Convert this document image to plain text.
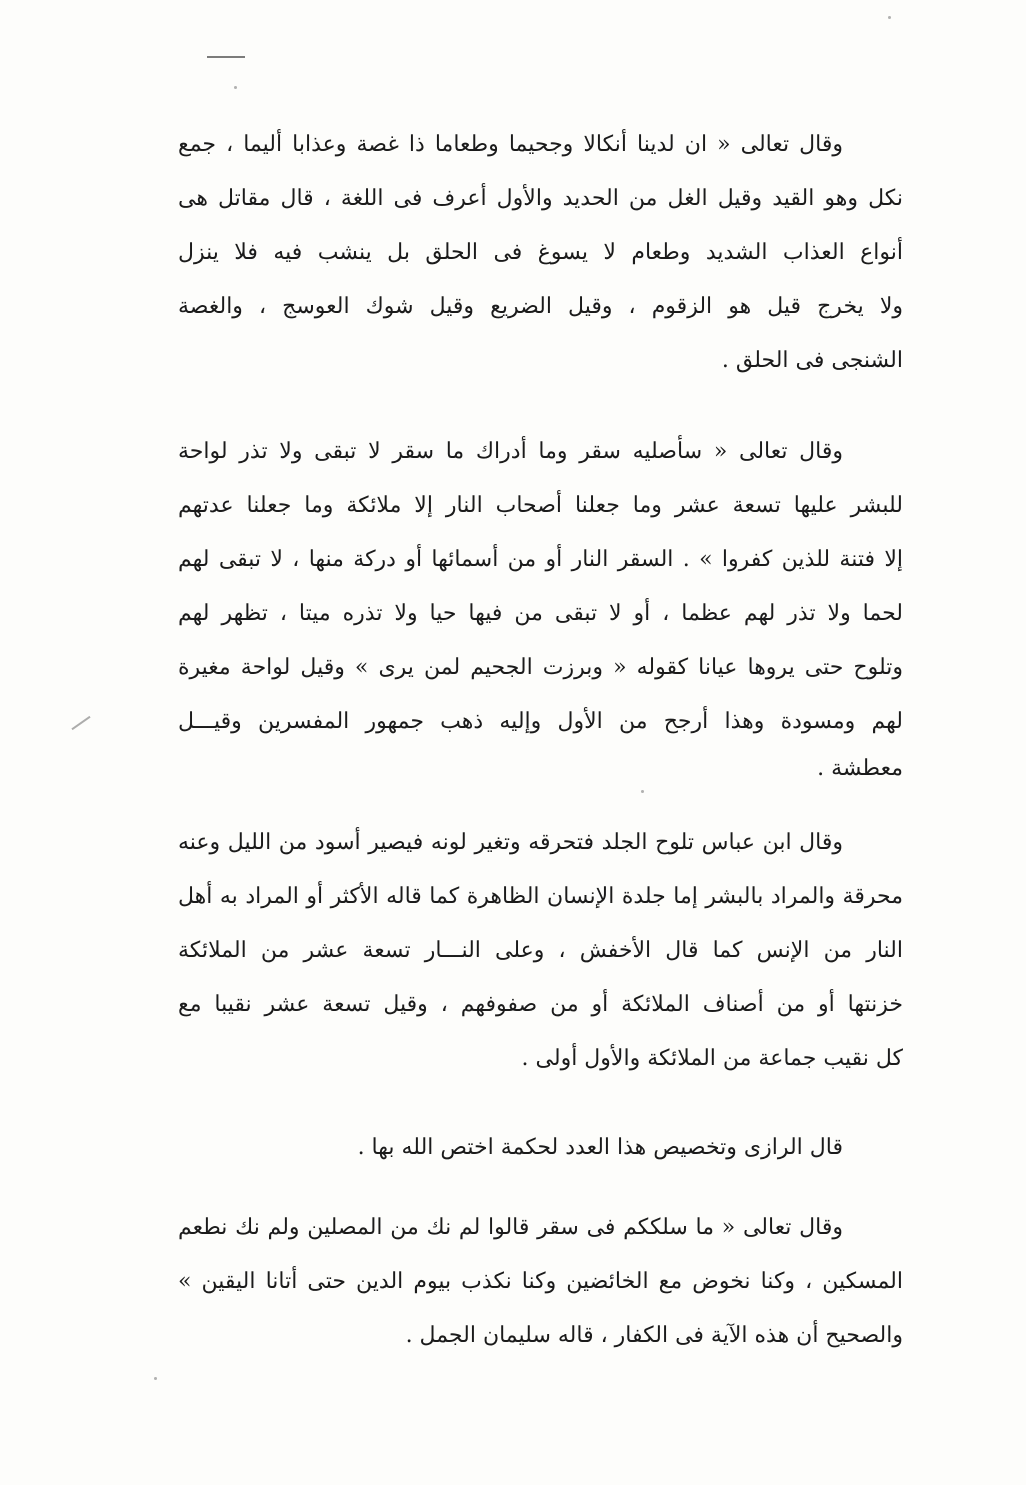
وقال تعالى « ان لدينا أنكالا وجحيما وطعاما ذا غصة وعذابا أليما ، جمع
نكل وهو القيد وقيل الغل من الحديد والأول أعرف فى اللغة ، قال مقاتل هى
أنواع العذاب الشديد وطعام لا يسوغ فى الحلق بل ينشب فيه فلا ينزل
ولا يخرج قيل هو الزقوم ، وقيل الضريع وقيل شوك العوسج ، والغصة
الشنجى فى الحلق .
وقال تعالى « سأصليه سقر وما أدراك ما سقر لا تبقى ولا تذر لواحة
للبشر عليها تسعة عشر وما جعلنا أصحاب النار إلا ملائكة وما جعلنا عدتهم
إلا فتنة للذين كفروا » . السقر النار أو من أسمائها أو دركة منها ، لا تبقى لهم
لحما ولا تذر لهم عظما ، أو لا تبقى من فيها حيا ولا تذره ميتا ، تظهر لهم
وتلوح حتى يروها عيانا كقوله « وبرزت الجحيم لمن يرى » وقيل لواحة مغيرة
لهم ومسودة وهذا أرجح من الأول وإليه ذهب جمهور المفسرين وقيـــل
معطشة .
وقال ابن عباس تلوح الجلد فتحرقه وتغير لونه فيصير أسود من الليل وعنه
محرقة والمراد بالبشر إما جلدة الإنسان الظاهرة كما قاله الأكثر أو المراد به أهل
النار من الإنس كما قال الأخفش ، وعلى النـــار تسعة عشر من الملائكة
خزنتها أو من أصناف الملائكة أو من صفوفهم ، وقيل تسعة عشر نقيبا مع
كل نقيب جماعة من الملائكة والأول أولى .
قال الرازى وتخصيص هذا العدد لحكمة اختص الله بها .
وقال تعالى « ما سلككم فى سقر قالوا لم نك من المصلين ولم نك نطعم
المسكين ، وكنا نخوض مع الخائضين وكنا نكذب بيوم الدين حتى أتانا اليقين »
والصحيح أن هذه الآية فى الكفار ، قاله سليمان الجمل .
